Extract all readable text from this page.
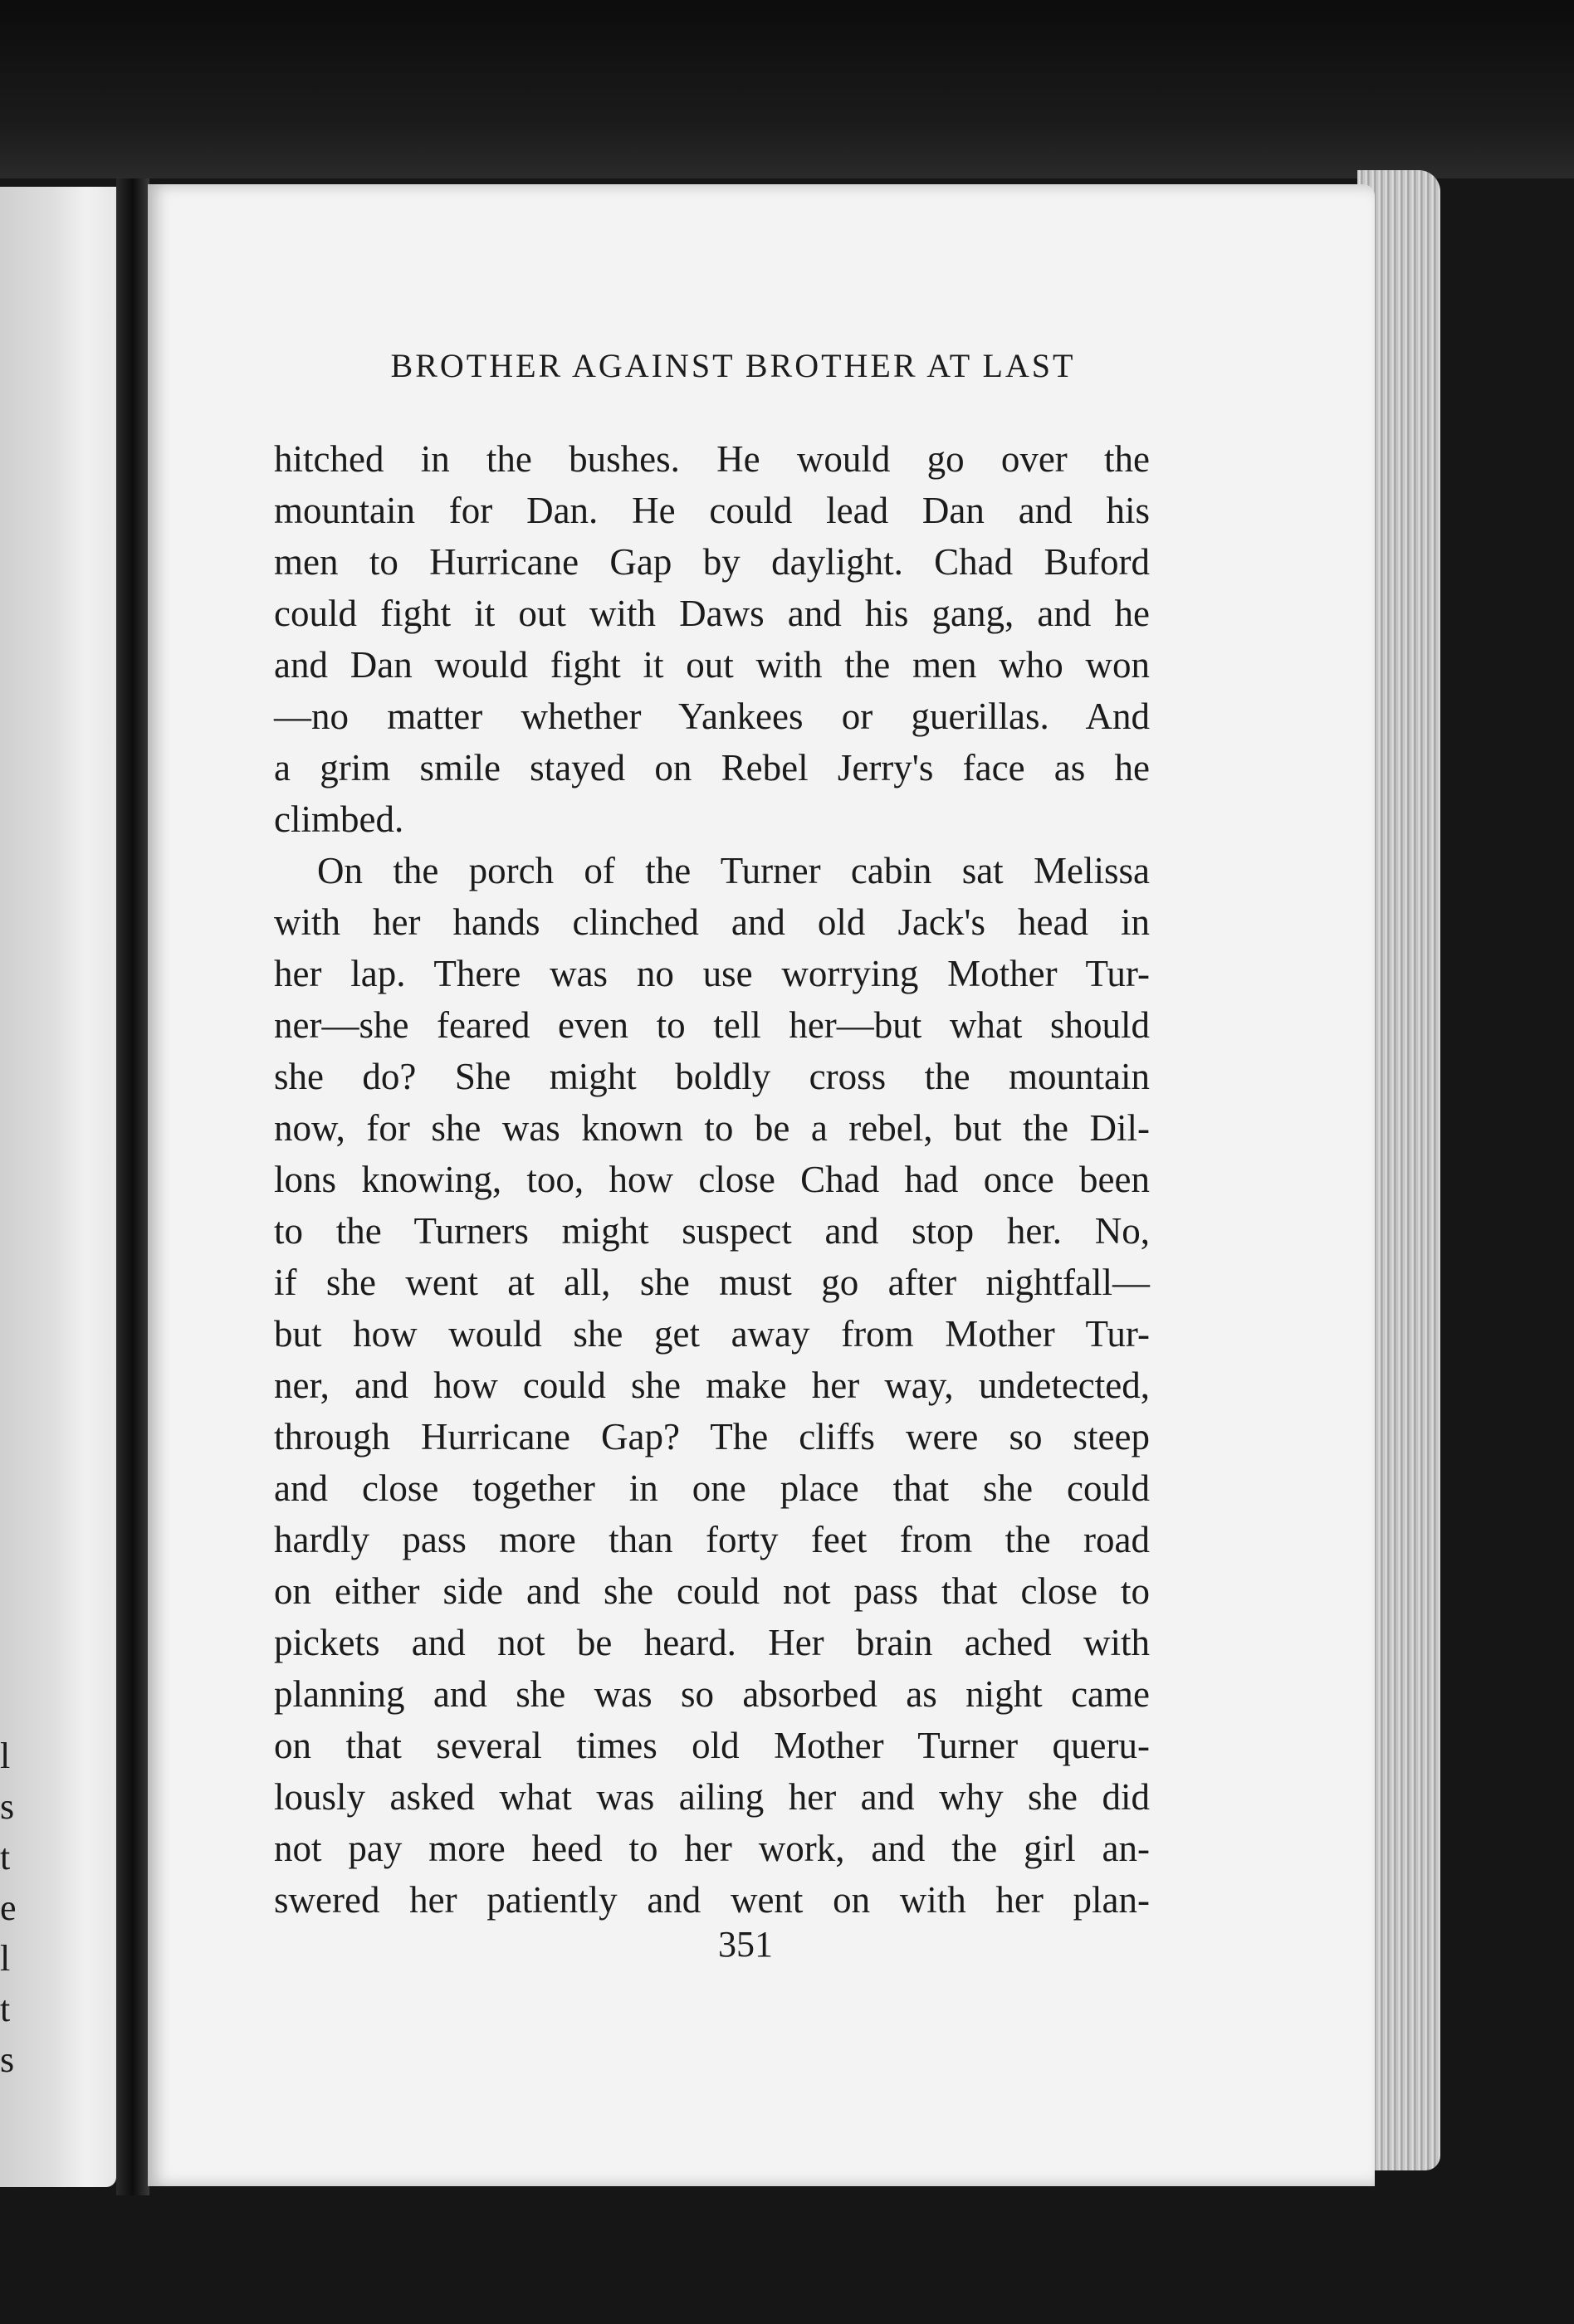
l
s
t
e
l
t
s
BROTHER AGAINST BROTHER AT LAST
hitched in the bushes. He would go over the
mountain for Dan. He could lead Dan and his
men to Hurricane Gap by daylight. Chad Buford
could fight it out with Daws and his gang, and he
and Dan would fight it out with the men who won
—no matter whether Yankees or guerillas. And
a grim smile stayed on Rebel Jerry's face as he
climbed.
On the porch of the Turner cabin sat Melissa
with her hands clinched and old Jack's head in
her lap. There was no use worrying Mother Tur-
ner—she feared even to tell her—but what should
she do? She might boldly cross the mountain
now, for she was known to be a rebel, but the Dil-
lons knowing, too, how close Chad had once been
to the Turners might suspect and stop her. No,
if she went at all, she must go after nightfall—
but how would she get away from Mother Tur-
ner, and how could she make her way, undetected,
through Hurricane Gap? The cliffs were so steep
and close together in one place that she could
hardly pass more than forty feet from the road
on either side and she could not pass that close to
pickets and not be heard. Her brain ached with
planning and she was so absorbed as night came
on that several times old Mother Turner queru-
lously asked what was ailing her and why she did
not pay more heed to her work, and the girl an-
swered her patiently and went on with her plan-
351
